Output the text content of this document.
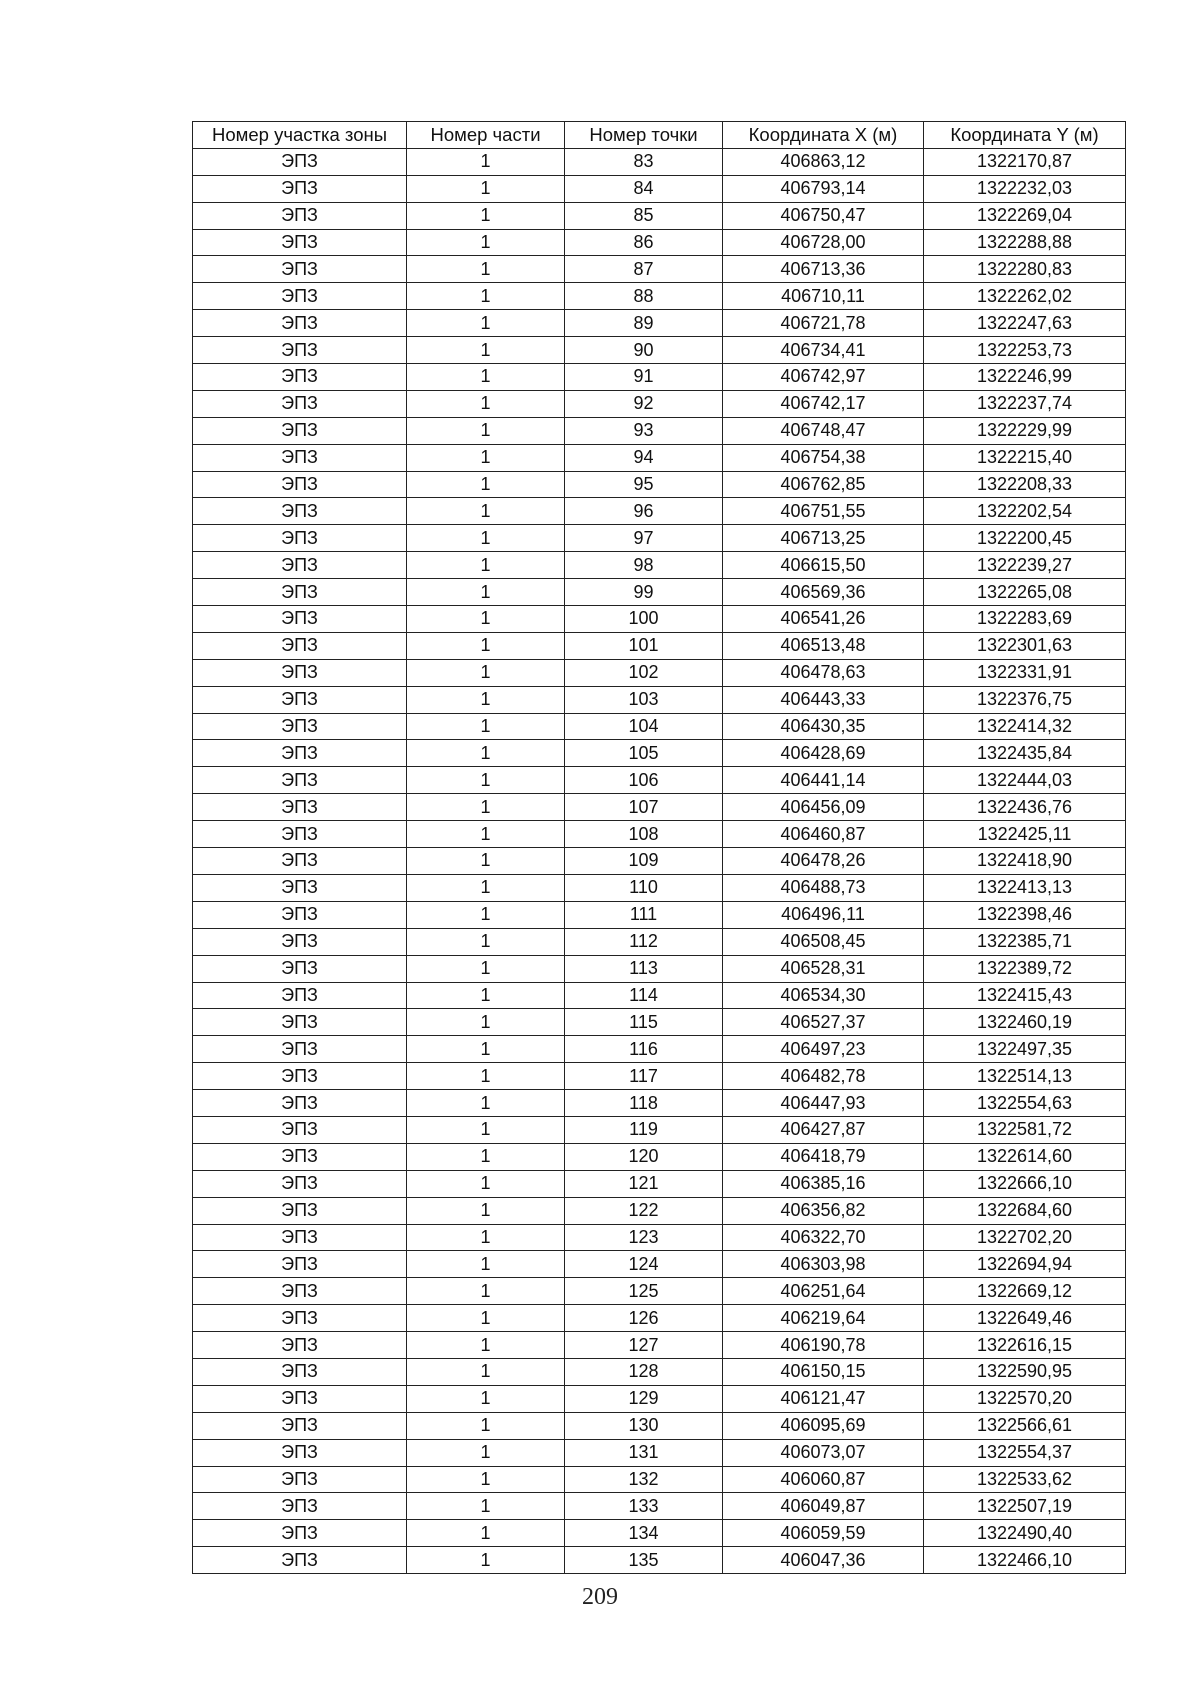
Номер участка зоны	Номер части	Номер точки	Координата X (м)	Координата Y (м)
ЭПЗ	1	83	406863,12	1322170,87
ЭПЗ	1	84	406793,14	1322232,03
ЭПЗ	1	85	406750,47	1322269,04
ЭПЗ	1	86	406728,00	1322288,88
ЭПЗ	1	87	406713,36	1322280,83
ЭПЗ	1	88	406710,11	1322262,02
ЭПЗ	1	89	406721,78	1322247,63
ЭПЗ	1	90	406734,41	1322253,73
ЭПЗ	1	91	406742,97	1322246,99
ЭПЗ	1	92	406742,17	1322237,74
ЭПЗ	1	93	406748,47	1322229,99
ЭПЗ	1	94	406754,38	1322215,40
ЭПЗ	1	95	406762,85	1322208,33
ЭПЗ	1	96	406751,55	1322202,54
ЭПЗ	1	97	406713,25	1322200,45
ЭПЗ	1	98	406615,50	1322239,27
ЭПЗ	1	99	406569,36	1322265,08
ЭПЗ	1	100	406541,26	1322283,69
ЭПЗ	1	101	406513,48	1322301,63
ЭПЗ	1	102	406478,63	1322331,91
ЭПЗ	1	103	406443,33	1322376,75
ЭПЗ	1	104	406430,35	1322414,32
ЭПЗ	1	105	406428,69	1322435,84
ЭПЗ	1	106	406441,14	1322444,03
ЭПЗ	1	107	406456,09	1322436,76
ЭПЗ	1	108	406460,87	1322425,11
ЭПЗ	1	109	406478,26	1322418,90
ЭПЗ	1	110	406488,73	1322413,13
ЭПЗ	1	111	406496,11	1322398,46
ЭПЗ	1	112	406508,45	1322385,71
ЭПЗ	1	113	406528,31	1322389,72
ЭПЗ	1	114	406534,30	1322415,43
ЭПЗ	1	115	406527,37	1322460,19
ЭПЗ	1	116	406497,23	1322497,35
ЭПЗ	1	117	406482,78	1322514,13
ЭПЗ	1	118	406447,93	1322554,63
ЭПЗ	1	119	406427,87	1322581,72
ЭПЗ	1	120	406418,79	1322614,60
ЭПЗ	1	121	406385,16	1322666,10
ЭПЗ	1	122	406356,82	1322684,60
ЭПЗ	1	123	406322,70	1322702,20
ЭПЗ	1	124	406303,98	1322694,94
ЭПЗ	1	125	406251,64	1322669,12
ЭПЗ	1	126	406219,64	1322649,46
ЭПЗ	1	127	406190,78	1322616,15
ЭПЗ	1	128	406150,15	1322590,95
ЭПЗ	1	129	406121,47	1322570,20
ЭПЗ	1	130	406095,69	1322566,61
ЭПЗ	1	131	406073,07	1322554,37
ЭПЗ	1	132	406060,87	1322533,62
ЭПЗ	1	133	406049,87	1322507,19
ЭПЗ	1	134	406059,59	1322490,40
ЭПЗ	1	135	406047,36	1322466,10
209
